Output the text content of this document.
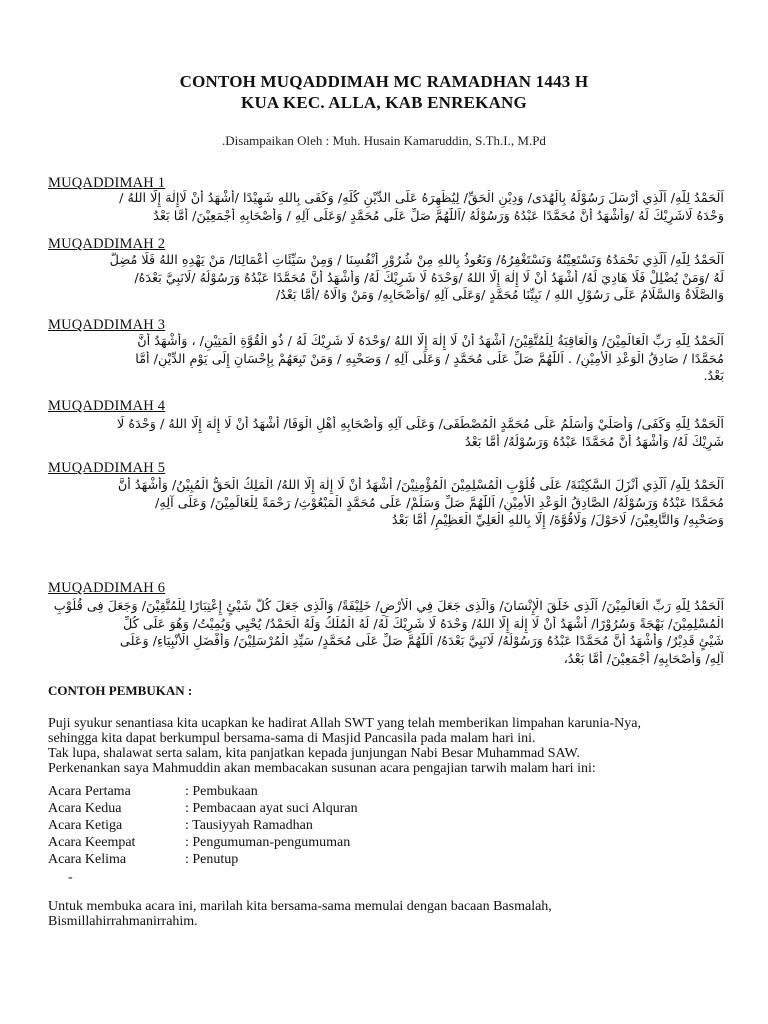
CONTOH MUQADDIMAH MC RAMADHAN 1443 H
KUA KEC. ALLA, KAB ENREKANG
.Disampaikan Oleh : Muh. Husain Kamaruddin, S.Th.I., M.Pd
MUQADDIMAH 1
اَلْحَمْدُ لِلّٰهِ/ اَلَّذِي أَرْسَلَ رَسُوْلَهُ بِالْهُدَى/ وَدِيْنِ الْحَقِّ/ لِيُظْهِرَهُ عَلَى الدِّيْنِ كُلِّهِ/ وَكَفَى بِاللهِ شَهِيْدًا /أَشْهَدُ أَنْ لَاإِلٰهَ إِلَّا اللهُ /
وَحْدَهُ لَاشَرِيْكَ لَهُ /وَأَشْهَدُ أَنَّ مُحَمَّدًا عَبْدُهُ وَرَسُوْلُهُ /اَللّٰهُمَّ صَلِّ عَلَى مُحَمَّدٍ /وَعَلَى آلِهِ / وَأَصْحَابِهِ أَجْمَعِيْنَ/ أَمَّا بَعْدُ
MUQADDIMAH 2
اَلْحَمْدُ لِلّٰهِ/ اَلَّذِي نَحْمَدُهُ وَنَسْتَعِيْنُهُ وَنَسْتَغْفِرُهُ/ وَنَعُوذُ بِاللهِ مِنْ شُرُوْرِ أَنْفُسِنَا / وَمِنْ سَيِّئَاتِ أَعْمَالِنَا/ مَنْ يَهْدِهِ اللهُ فَلَا مُضِلَّ
لَهُ /وَمَنْ يُضْلِلْ فَلَا هَادِيَ لَهُ/ أَشْهَدُ أَنْ لَا إِلٰهَ إِلَّا اللهُ /وَحْدَهُ لَا شَرِيْكَ لَهُ/ وَأَشْهَدُ أَنَّ مُحَمَّدًا عَبْدُهُ وَرَسُوْلُهُ /لَانَبِيَّ بَعْدَهُ/
وَالصَّلَاةُ وَالسَّلَامُ عَلَى رَسُوْلِ اللهِ / نَبِيِّنَا مُحَمَّدٍ /وَعَلَى آلِهِ /وَأَصْحَابِهِ/ وَمَنْ وَالَاهُ /أَمَّا بَعْدُ/
MUQADDIMAH 3
اَلْحَمْدُ لِلّٰهِ رَبِّ الْعَالَمِيْنَ/ وَالْعَاقِبَةُ لِلْمُتَّقِيْنَ/ أَشْهَدُ أَنْ لَا إِلٰهَ إِلَّا اللهُ /وَحْدَهُ لَا شَرِيْكَ لَهُ / ذُو الْقُوَّةِ الْمَتِيْنِ/ ، وَأَشْهَدُ أَنَّ
مُحَمَّدًا / صَادِقُ الْوَعْدِ الْأَمِيْنِ/ . اَللّٰهُمَّ صَلِّ عَلَى مُحَمَّدٍ / وَعَلَى آلِهِ / وَصَحْبِهِ / وَمَنْ تَبِعَهُمْ بِإِحْسَانٍ إِلَى يَوْمِ الدِّيْنِ/ أَمَّا
بَعْدُ.
MUQADDIMAH 4
اَلْحَمْدُ لِلّٰهِ وَكَفَى/ وَأُصَلِّيْ وَأُسَلِّمُ عَلَى مُحَمَّدٍ الْمُصْطَفَى/ وَعَلَى آلِهِ وَأَصْحَابِهِ أَهْلِ الْوَفَا/ أَشْهَدُ أَنْ لَا إِلٰهَ إِلَّا اللهُ / وَحْدَهُ لَا
شَرِيْكَ لَهُ/ وَأَشْهَدُ أَنَّ مُحَمَّدًا عَبْدُهُ وَرَسُوْلُهُ/ أَمَّا بَعْدُ
MUQADDIMAH 5
اَلْحَمْدُ لِلّٰهِ/ اَلَّذِي أَنْزَلَ السَّكِيْنَةَ/ عَلَى قُلُوْبِ الْمُسْلِمِيْنَ الْمُؤْمِنِيْنَ/ أَشْهَدُ أَنْ لَا إِلٰهَ إِلَّا اللهُ/ الْمَلِكُ الْحَقُّ الْمُبِيْنُ/ وَأَشْهَدُ أَنَّ
مُحَمَّدًا عَبْدُهُ وَرَسُوْلُهُ/ الصَّادِقُ الْوَعْدِ الْأَمِيْنِ/ اَللّٰهُمَّ صَلِّ وَسَلِّمْ/ عَلَى مُحَمَّدٍ الْمَبْعُوْثِ/ رَحْمَةً لِلْعَالَمِيْنَ/ وَعَلَى آلِهِ/
وَصَحْبِهِ/ وَالتَّابِعِيْنَ/ لَاحَوْلَ/ وَلَاقُوَّةَ/ إِلَّا بِاللهِ الْعَلِيِّ الْعَظِيْمِ/ أَمَّا بَعْدُ
MUQADDIMAH 6
اَلْحَمْدُ لِلّٰهِ رَبِّ الْعَالَمِيْنَ/ اَلَّذِى خَلَقَ الْإِنْسَانَ/ وَالَّذِى جَعَلَ فِي الْأَرْضِ/ خَلِيْفَةً/ وَالَّذِى جَعَلَ كُلَّ شَيْئٍ إِعْتِبَارًا لِلْمُتَّقِيْنَ/ وَجَعَلَ فِى قُلُوْبِ
الْمُسْلِمِيْنَ/ بَهْجَةً وَسُرُوْرًا/ أَشْهَدُ أَنْ لَا إِلٰهَ إِلَّا اللهُ/ وَحْدَهُ لَا شَرِيْكَ لَهُ/ لَهُ الْمُلْكُ وَلَهُ الْحَمْدُ/ يُحْيِي وَيُمِيْتُ/ وَهُوَ عَلَى كُلِّ
شَيْئٍ قَدِيْرٌ/ وَأَشْهَدُ أَنَّ مُحَمَّدًا عَبْدُهُ وَرَسُوْلُهُ/ لَانَبِيَّ بَعْدَهُ/ اَللّٰهُمَّ صَلِّ عَلَى مُحَمَّدٍ/ سَيِّدِ الْمُرْسَلِيْنَ/ وَأَفْضَلِ الْأَنْبِيَاءِ/ وَعَلَى
آلِهِ/ وَأَصْحَابِهِ/ أَجْمَعِيْنَ/ أَمَّا بَعْدُ،
CONTOH PEMBUKAN :
Puji syukur senantiasa kita ucapkan ke hadirat Allah SWT yang telah memberikan limpahan karunia-Nya,
sehingga kita dapat berkumpul bersama-sama di Masjid Pancasila pada malam hari ini.
Tak lupa, shalawat serta salam, kita panjatkan kepada junjungan Nabi Besar Muhammad SAW.
Perkenankan saya Mahmuddin akan membacakan susunan acara pengajian tarwih malam hari ini:
Acara Pertama	: Pembukaan
Acara Kedua	: Pembacaan ayat suci Alquran
Acara Ketiga	: Tausiyyah Ramadhan
Acara Keempat	: Pengumuman-pengumuman
Acara Kelima	: Penutup
-
Untuk membuka acara ini, marilah kita bersama-sama memulai dengan bacaan Basmalah,
Bismillahirrahmanirrahim.
